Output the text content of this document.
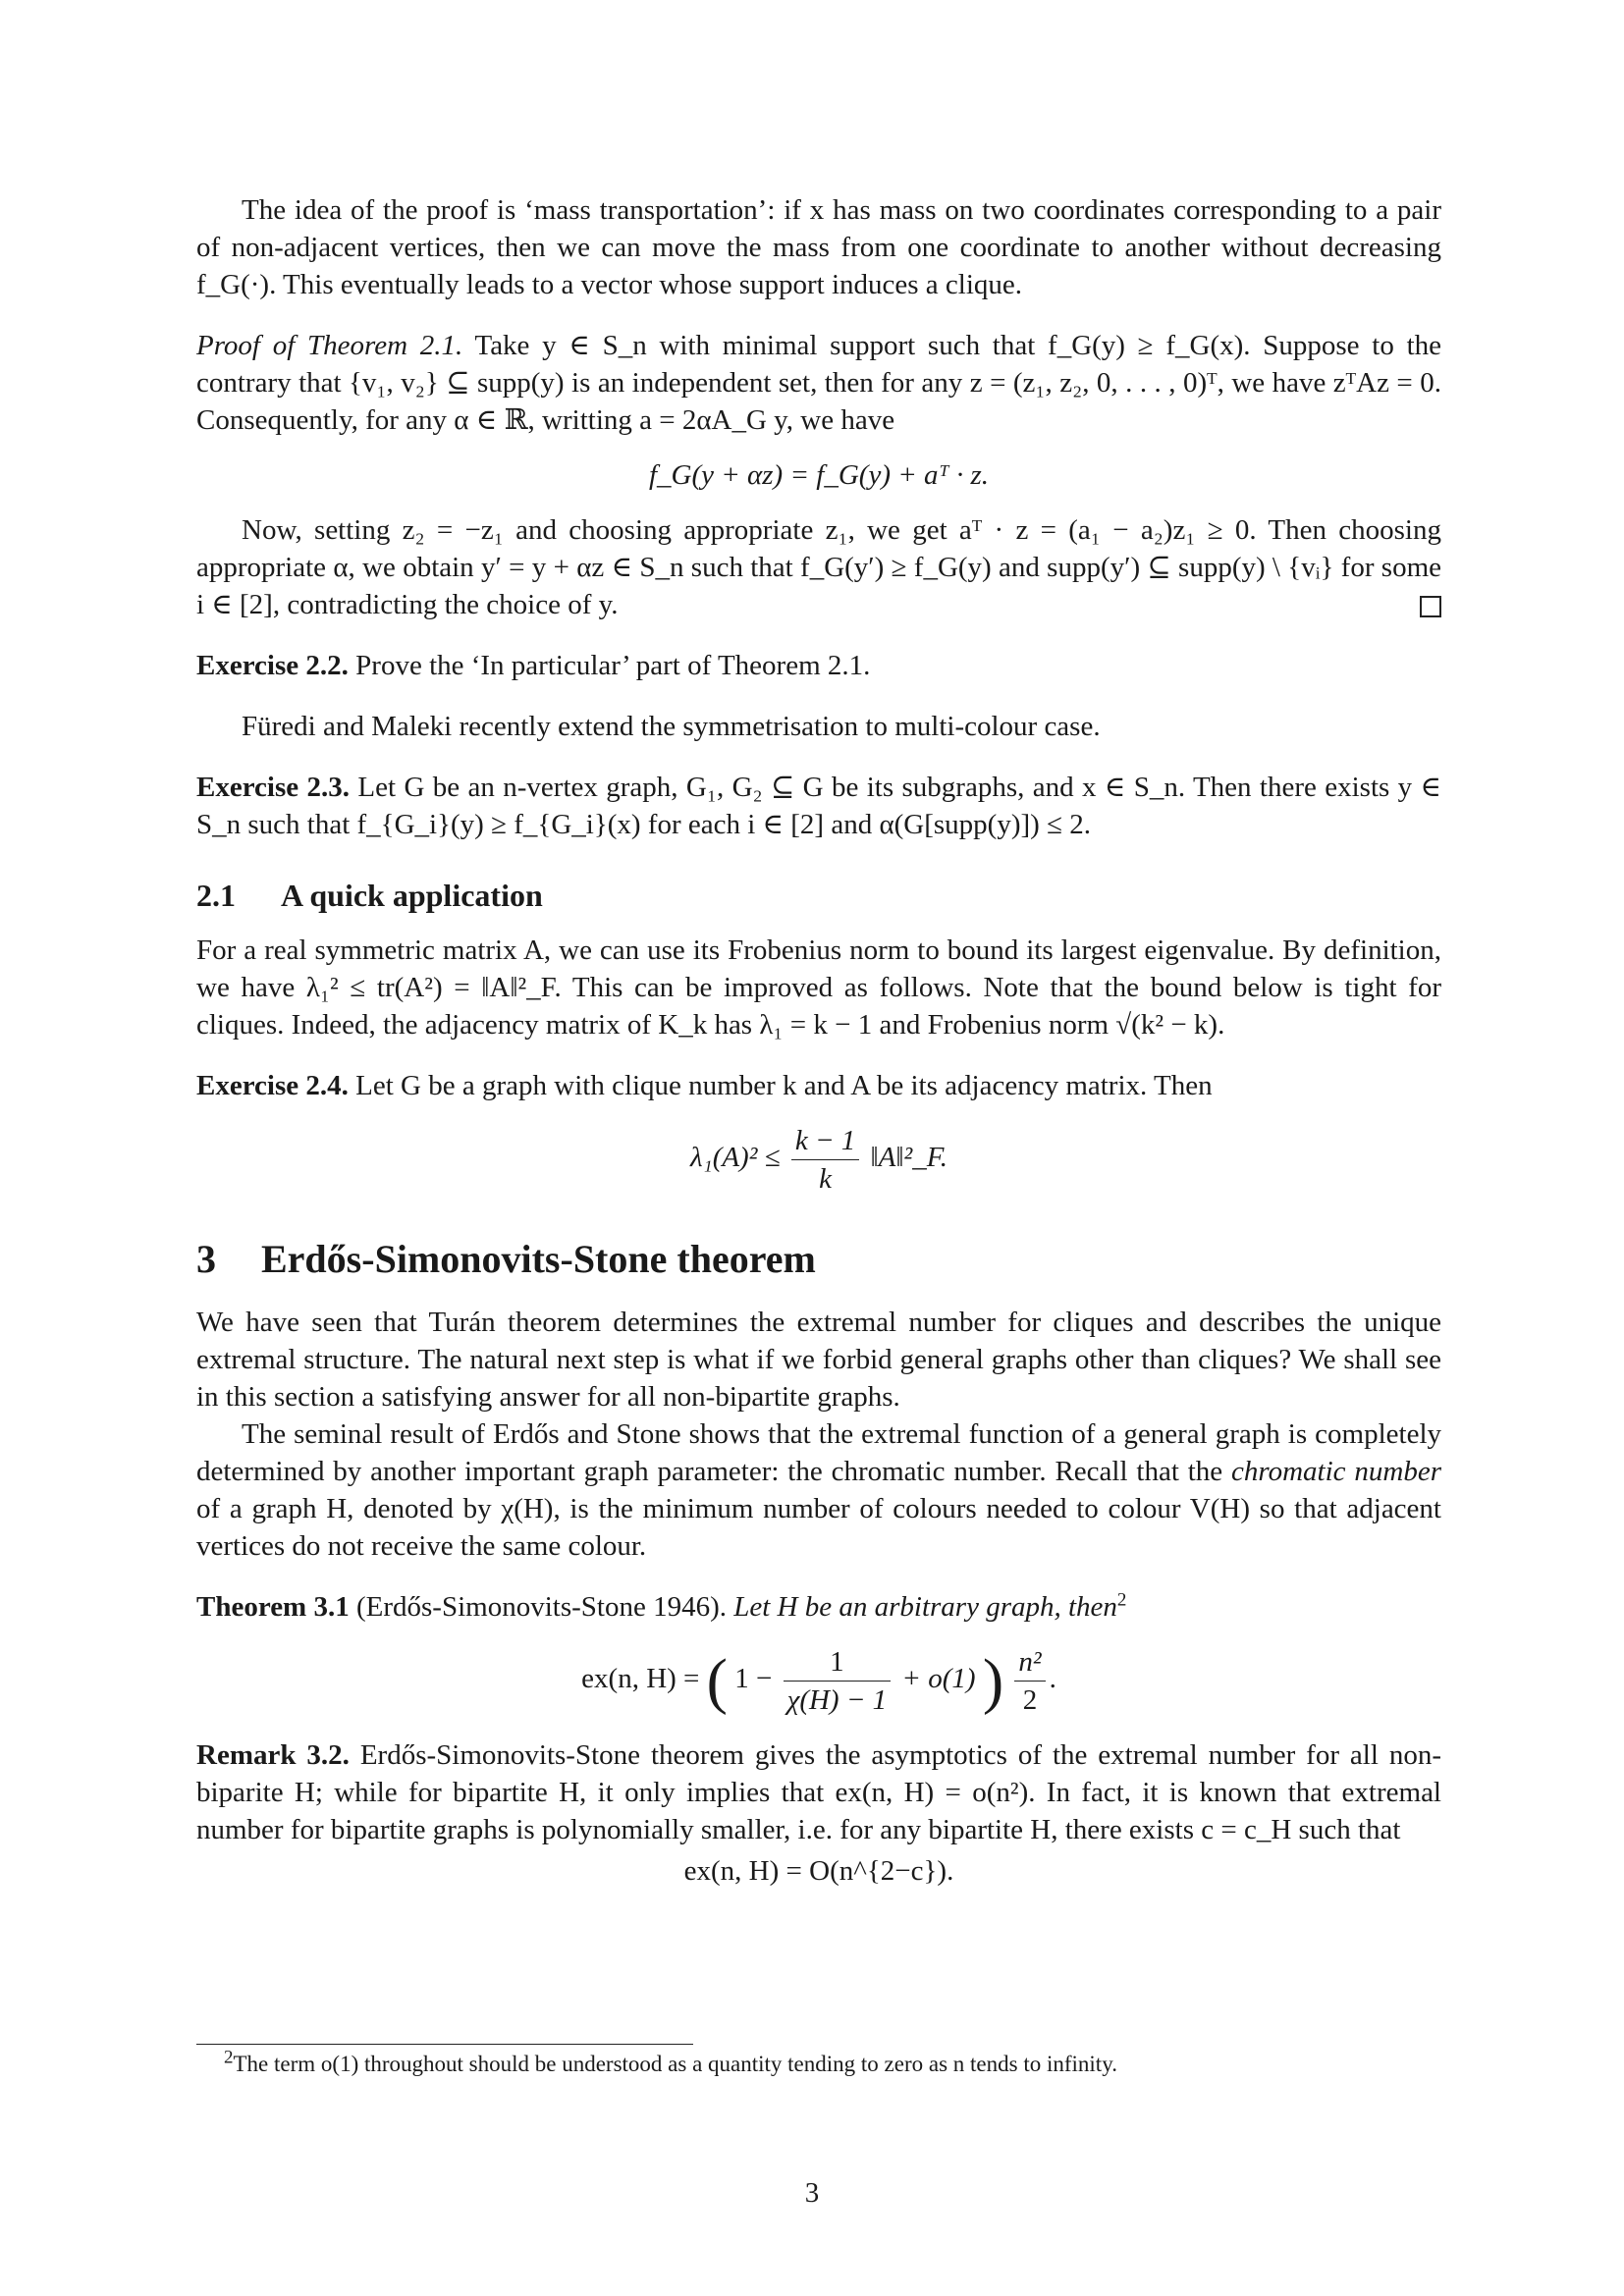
The idea of the proof is ‘mass transportation’: if x has mass on two coordinates corresponding to a pair of non-adjacent vertices, then we can move the mass from one coordinate to another without decreasing f_G(·). This eventually leads to a vector whose support induces a clique.

Proof of Theorem 2.1. Take y ∈ S_n with minimal support such that f_G(y) ≥ f_G(x). Suppose to the contrary that {v₁, v₂} ⊆ supp(y) is an independent set, then for any z = (z₁, z₂, 0, . . . , 0)ᵀ, we have zᵀAz = 0. Consequently, for any α ∈ ℝ, writting a = 2αA_G y, we have

f_G(y + αz) = f_G(y) + aᵀ · z.

Now, setting z₂ = −z₁ and choosing appropriate z₁, we get aᵀ · z = (a₁ − a₂)z₁ ≥ 0. Then choosing appropriate α, we obtain y′ = y + αz ∈ S_n such that f_G(y′) ≥ f_G(y) and supp(y′) ⊆ supp(y) \ {vᵢ} for some i ∈ [2], contradicting the choice of y.

Exercise 2.2. Prove the ‘In particular’ part of Theorem 2.1.

Füredi and Maleki recently extend the symmetrisation to multi-colour case.

Exercise 2.3. Let G be an n-vertex graph, G₁, G₂ ⊆ G be its subgraphs, and x ∈ S_n. Then there exists y ∈ S_n such that f_{G_i}(y) ≥ f_{G_i}(x) for each i ∈ [2] and α(G[supp(y)]) ≤ 2.

2.1 A quick application

For a real symmetric matrix A, we can use its Frobenius norm to bound its largest eigenvalue. By definition, we have λ₁² ≤ tr(A²) = ‖A‖²_F. This can be improved as follows. Note that the bound below is tight for cliques. Indeed, the adjacency matrix of K_k has λ₁ = k − 1 and Frobenius norm √(k² − k).

Exercise 2.4. Let G be a graph with clique number k and A be its adjacency matrix. Then

$\lambda_1(A)^2 \le \frac{k - 1}{k}$ ‖A‖²_F.
3 Erdős-Simonovits-Stone theorem

We have seen that Turán theorem determines the extremal number for cliques and describes the unique extremal structure. The natural next step is what if we forbid general graphs other than cliques? We shall see in this section a satisfying answer for all non-bipartite graphs.

The seminal result of Erdős and Stone shows that the extremal function of a general graph is completely determined by another important graph parameter: the chromatic number. Recall that the chromatic number of a graph H, denoted by χ(H), is the minimum number of colours needed to colour V(H) so that adjacent vertices do not receive the same colour.

Theorem 3.1 (Erdős-Simonovits-Stone 1946). Let H be an arbitrary graph, then$^2$

ex(n, H) = ( $1 - \frac{1}{\chi(H) - 1} + o(1)$ ) $\frac{\text{n²}}{2}$ .

Remark 3.2. Erdős-Simonovits-Stone theorem gives the asymptotics of the extremal number for all non-biparite H; while for bipartite H, it only implies that ex(n, H) = o(n²). In fact, it is known that extremal number for bipartite graphs is polynomially smaller, i.e. for any bipartite H, there exists c = c_H such that

ex(n, H) = O(n^{2−c}).

$^2$The term o(1) throughout should be understood as a quantity tending to zero as n tends to infinity.
3
